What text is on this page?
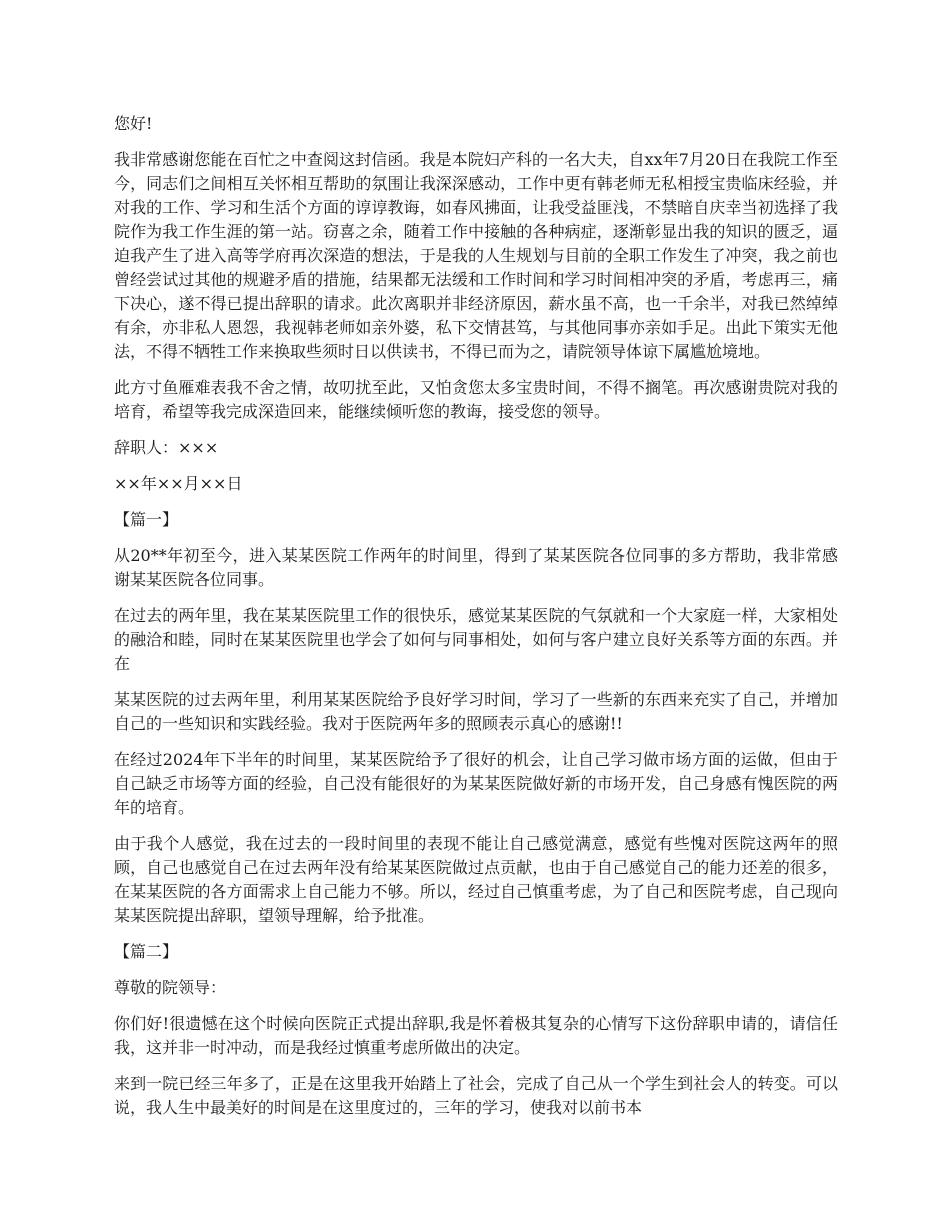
您好!

我非常感谢您能在百忙之中查阅这封信函。我是本院妇产科的一名大夫，自xx年7月20日在我院工作至今，同志们之间相互关怀相互帮助的氛围让我深深感动，工作中更有韩老师无私相授宝贵临床经验，并对我的工作、学习和生活个方面的谆谆教诲，如春风拂面，让我受益匪浅，不禁暗自庆幸当初选择了我院作为我工作生涯的第一站。窃喜之余，随着工作中接触的各种病症，逐渐彰显出我的知识的匮乏，逼迫我产生了进入高等学府再次深造的想法，于是我的人生规划与目前的全职工作发生了冲突，我之前也曾经尝试过其他的规避矛盾的措施，结果都无法缓和工作时间和学习时间相冲突的矛盾，考虑再三，痛下决心，遂不得已提出辞职的请求。此次离职并非经济原因，薪水虽不高，也一千余半，对我已然绰绰有余，亦非私人恩怨，我视韩老师如亲外婆，私下交情甚笃，与其他同事亦亲如手足。出此下策实无他法，不得不牺牲工作来换取些须时日以供读书，不得已而为之，请院领导体谅下属尴尬境地。

此方寸鱼雁难表我不舍之情，故叨扰至此，又怕贪您太多宝贵时间，不得不搁笔。再次感谢贵院对我的培育，希望等我完成深造回来，能继续倾听您的教诲，接受您的领导。

辞职人：×××

××年××月××日

【篇一】

从20**年初至今，进入某某医院工作两年的时间里，得到了某某医院各位同事的多方帮助，我非常感谢某某医院各位同事。

在过去的两年里，我在某某医院里工作的很快乐，感觉某某医院的气氛就和一个大家庭一样，大家相处的融洽和睦，同时在某某医院里也学会了如何与同事相处，如何与客户建立良好关系等方面的东西。并在

某某医院的过去两年里，利用某某医院给予良好学习时间，学习了一些新的东西来充实了自己，并增加自己的一些知识和实践经验。我对于医院两年多的照顾表示真心的感谢!!

在经过2024年下半年的时间里，某某医院给予了很好的机会，让自己学习做市场方面的运做，但由于自己缺乏市场等方面的经验，自己没有能很好的为某某医院做好新的市场开发，自己身感有愧医院的两年的培育。

由于我个人感觉，我在过去的一段时间里的表现不能让自己感觉满意，感觉有些愧对医院这两年的照顾，自己也感觉自己在过去两年没有给某某医院做过点贡献，也由于自己感觉自己的能力还差的很多，在某某医院的各方面需求上自己能力不够。所以，经过自己慎重考虑，为了自己和医院考虑，自己现向某某医院提出辞职，望领导理解，给予批准。

【篇二】

尊敬的院领导：

你们好!很遗憾在这个时候向医院正式提出辞职,我是怀着极其复杂的心情写下这份辞职申请的，请信任我，这并非一时冲动，而是我经过慎重考虑所做出的决定。

来到一院已经三年多了，正是在这里我开始踏上了社会，完成了自己从一个学生到社会人的转变。可以说，我人生中最美好的时间是在这里度过的，三年的学习，使我对以前书本
